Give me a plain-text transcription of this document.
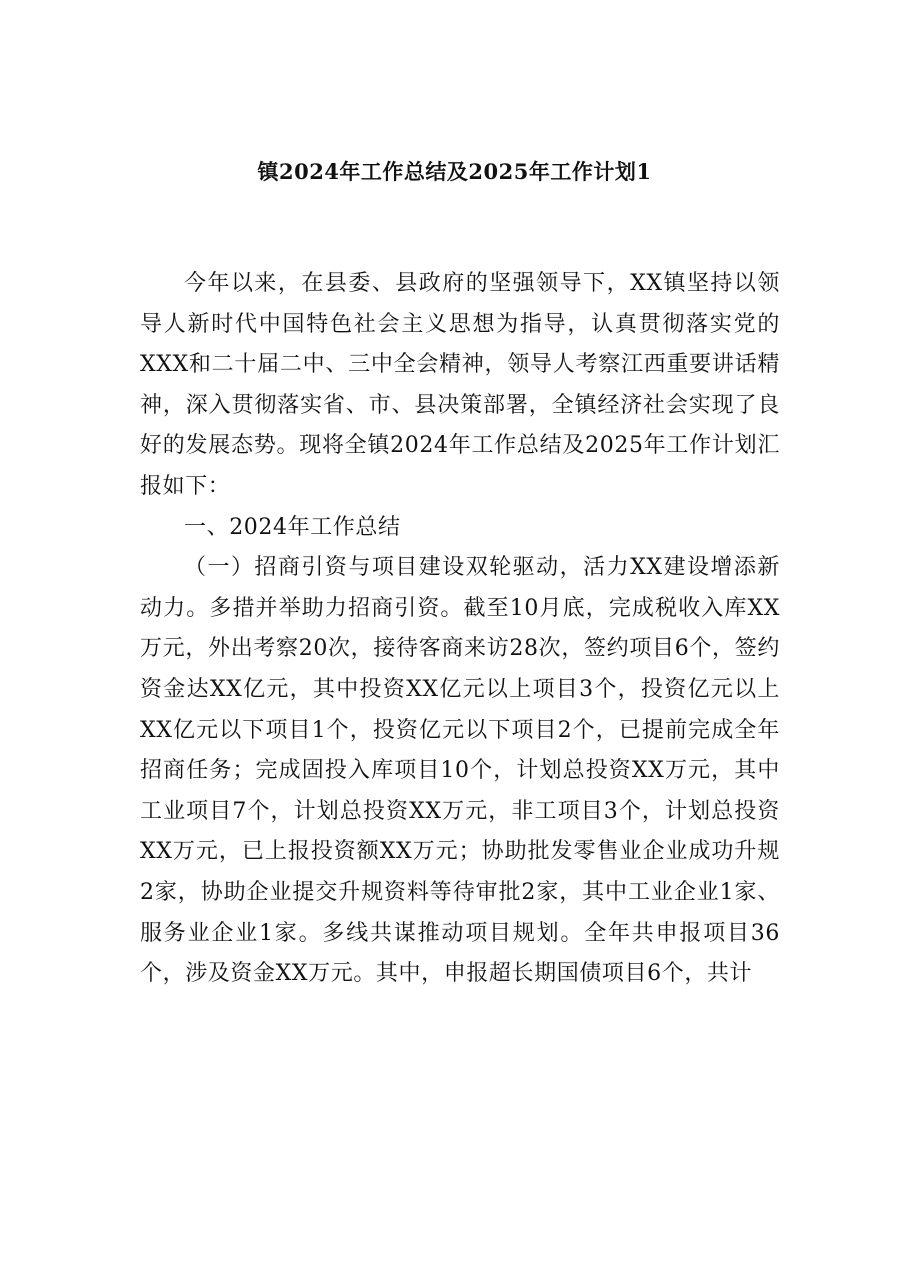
镇2024年工作总结及2025年工作计划1

今年以来，在县委、县政府的坚强领导下，XX镇坚持以领导人新时代中国特色社会主义思想为指导，认真贯彻落实党的XXX和二十届二中、三中全会精神，领导人考察江西重要讲话精神，深入贯彻落实省、市、县决策部署，全镇经济社会实现了良好的发展态势。现将全镇2024年工作总结及2025年工作计划汇报如下：

一、2024年工作总结

（一）招商引资与项目建设双轮驱动，活力XX建设增添新动力。多措并举助力招商引资。截至10月底，完成税收入库XX万元，外出考察20次，接待客商来访28次，签约项目6个，签约资金达XX亿元，其中投资XX亿元以上项目3个，投资亿元以上XX亿元以下项目1个，投资亿元以下项目2个，已提前完成全年招商任务；完成固投入库项目10个，计划总投资XX万元，其中工业项目7个，计划总投资XX万元，非工项目3个，计划总投资XX万元，已上报投资额XX万元；协助批发零售业企业成功升规2家，协助企业提交升规资料等待审批2家，其中工业企业1家、服务业企业1家。多线共谋推动项目规划。全年共申报项目36个，涉及资金XX万元。其中，申报超长期国债项目6个，共计
